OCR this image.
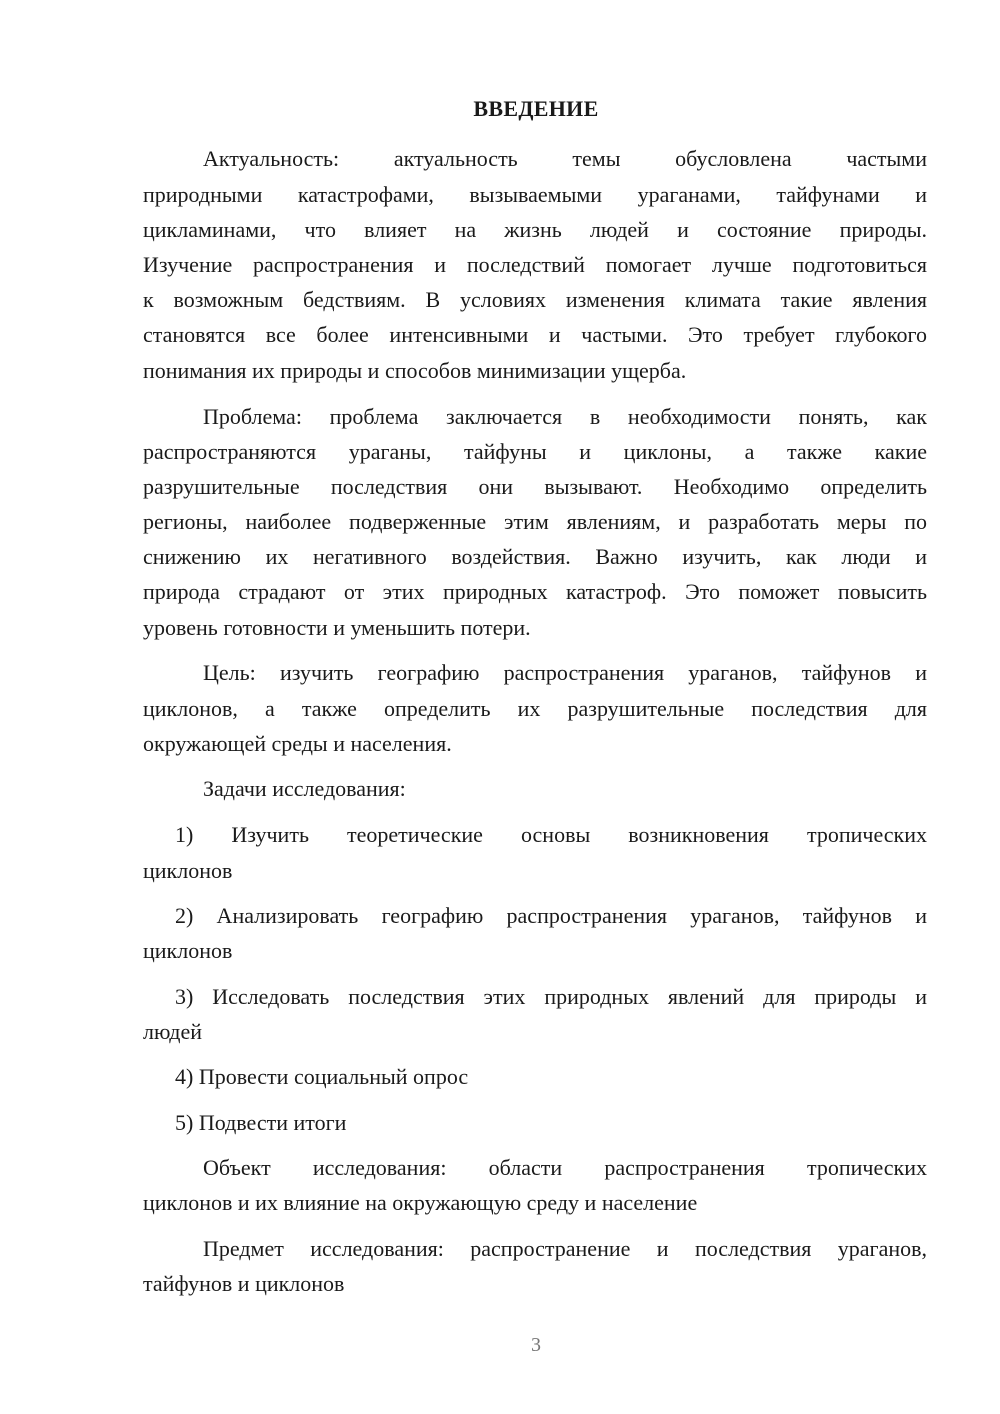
ВВЕДЕНИЕ
Актуальность: актуальность темы обусловлена частыми
природными катастрофами, вызываемыми ураганами, тайфунами и
цикламинами, что влияет на жизнь людей и состояние природы.
Изучение распространения и последствий помогает лучше подготовиться
к возможным бедствиям. В условиях изменения климата такие явления
становятся все более интенсивными и частыми. Это требует глубокого
понимания их природы и способов минимизации ущерба.
Проблема: проблема заключается в необходимости понять, как
распространяются ураганы, тайфуны и циклоны, а также какие
разрушительные последствия они вызывают. Необходимо определить
регионы, наиболее подверженные этим явлениям, и разработать меры по
снижению их негативного воздействия. Важно изучить, как люди и
природа страдают от этих природных катастроф. Это поможет повысить
уровень готовности и уменьшить потери.
Цель: изучить географию распространения ураганов, тайфунов и
циклонов, а также определить их разрушительные последствия для
окружающей среды и населения.
Задачи исследования:
1) Изучить теоретические основы возникновения тропических
циклонов
2) Анализировать географию распространения ураганов, тайфунов и
циклонов
3) Исследовать последствия этих природных явлений для природы и
людей
4) Провести социальный опрос
5) Подвести итоги
Объект исследования: области распространения тропических
циклонов и их влияние на окружающую среду и население
Предмет исследования: распространение и последствия ураганов,
тайфунов и циклонов
3
